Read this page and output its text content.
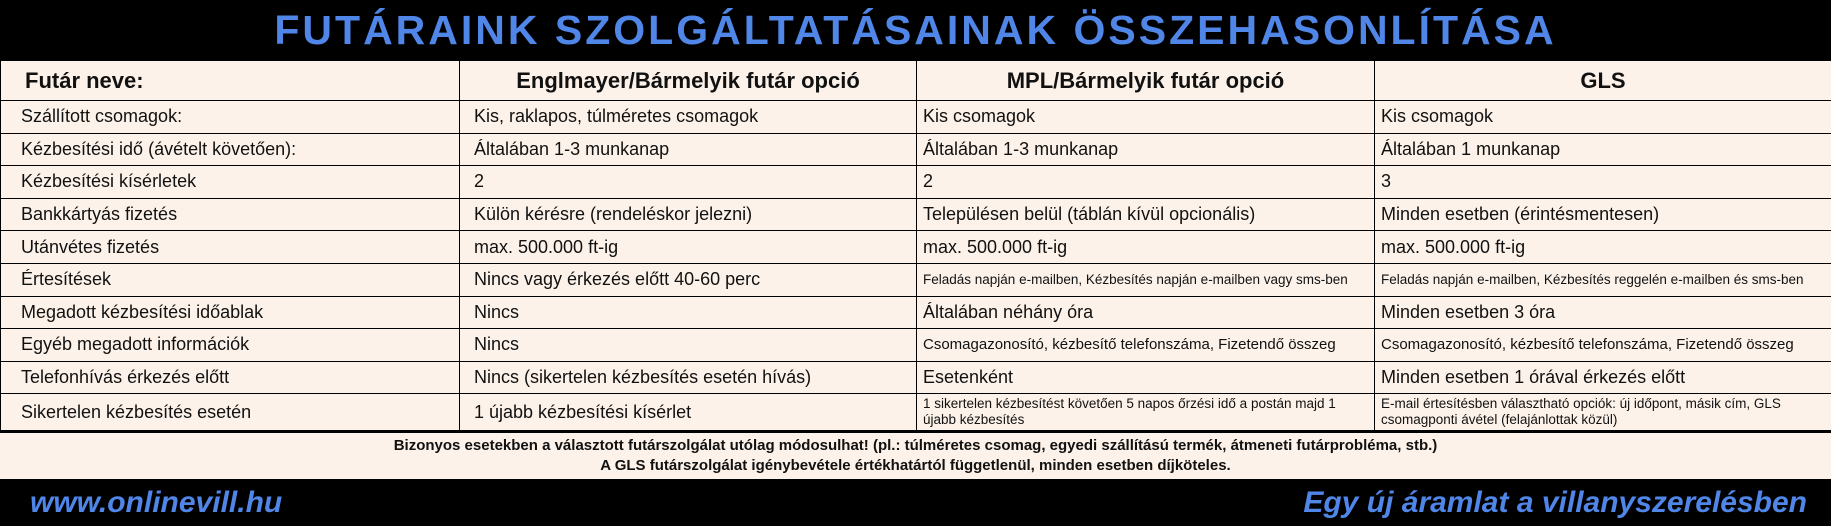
FUTÁRAINK SZOLGÁLTATÁSAINAK ÖSSZEHASONLÍTÁSA
Futár neve:	Englmayer/Bármelyik futár opció	MPL/Bármelyik futár opció	GLS
Szállított csomagok:	Kis, raklapos, túlméretes csomagok	Kis csomagok	Kis csomagok
Kézbesítési idő (ávételt követően):	Általában 1-3 munkanap	Általában 1-3 munkanap	Általában 1 munkanap
Kézbesítési kísérletek	2	2	3
Bankkártyás fizetés	Külön kérésre (rendeléskor jelezni)	Településen belül (táblán kívül opcionális)	Minden esetben (érintésmentesen)
Utánvétes fizetés	max. 500.000 ft-ig	max. 500.000 ft-ig	max. 500.000 ft-ig
Értesítések	Nincs vagy érkezés előtt 40-60 perc	Feladás napján e-mailben, Kézbesítés napján e-mailben vagy sms-ben	Feladás napján e-mailben, Kézbesítés reggelén e-mailben és sms-ben
Megadott kézbesítési időablak	Nincs	Általában néhány óra	Minden esetben 3 óra
Egyéb megadott információk	Nincs	Csomagazonosító, kézbesítő telefonszáma, Fizetendő összeg	Csomagazonosító, kézbesítő telefonszáma, Fizetendő összeg
Telefonhívás érkezés előtt	Nincs (sikertelen kézbesítés esetén hívás)	Esetenként	Minden esetben 1 órával érkezés előtt
Sikertelen kézbesítés esetén	1 újabb kézbesítési kísérlet	1 sikertelen kézbesítést követően 5 napos őrzési idő a postán majd 1 újabb kézbesítés	E-mail értesítésben választható opciók: új időpont, másik cím, GLS csomagponti ávétel (felajánlottak közül)
Bizonyos esetekben a választott futárszolgálat utólag módosulhat! (pl.: túlméretes csomag, egyedi szállítású termék, átmeneti futárprobléma, stb.)
A GLS futárszolgálat igénybevétele értékhatártól függetlenül, minden esetben díjköteles.
www.onlinevill.hu	Egy új áramlat a villanyszerelésben
